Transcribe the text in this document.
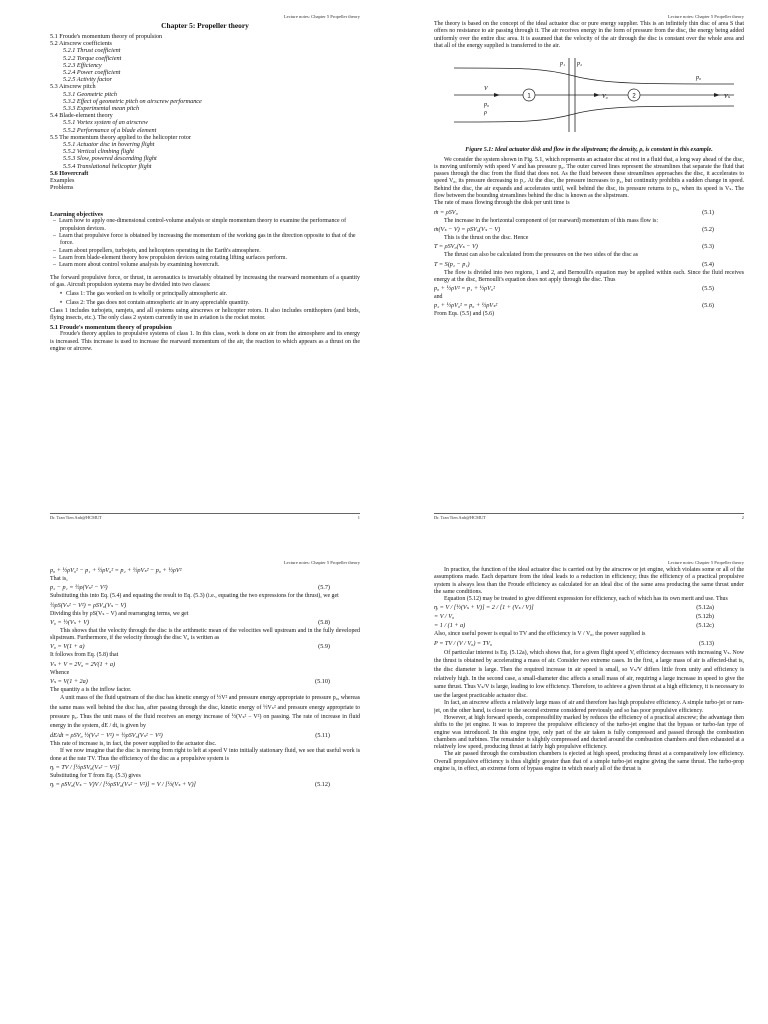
Lecture notes: Chapter 5 Propeller theory
Chapter 5: Propeller theory
5.1 Froude's momentum theory of propulsion
5.2 Airscrew coefficients
5.2.1 Thrust coefficient
5.2.2 Torque coefficient
5.2.3 Efficiency
5.2.4 Power coefficient
5.2.5 Activity factor
5.3 Airscrew pitch
5.3.1 Geometric pitch
5.3.2 Effect of geometric pitch on airscrew performance
5.3.3 Experimental mean pitch
5.4 Blade-element theory
5.5.1 Vortex system of an airscrew
5.5.2 Performance of a blade element
5.5 The momentum theory applied to the helicopter rotor
5.5.1 Actuator disc in hovering flight
5.5.2 Vertical climbing flight
5.5.3 Slow, powered descending flight
5.5.4 Translational helicopter flight
5.6 Hovercraft
Examples
Problems
Learning objectives
– Learn how to apply one-dimensional control-volume analysis or simple momentum theory to examine the performance of propulsion devices.
– Learn that propulsive force is obtained by increasing the momentum of the working gas in the direction opposite to that of the force.
– Learn about propellers, turbojets, and helicopters operating in the Earth's atmosphere.
– Learn from blade-element theory how propulsion devices using rotating lifting surfaces perform.
– Learn more about control volume analysis by examining hovercraft.

The forward propulsive force, or thrust, in aeronautics is invariably obtained by increasing the rearward momentum of a quantity of gas. Aircraft propulsion systems may be divided into two classes:

♦ Class 1: The gas worked on is wholly or principally atmospheric air.
♦ Class 2: The gas does not contain atmospheric air in any appreciable quantity.

Class 1 includes turbojets, ramjets, and all systems using airscrews or helicopter rotors. It also includes ornithopters (and birds, flying insects, etc.). The only class 2 system currently in use in aviation is the rocket motor.

5.1 Froude's momentum theory of propulsion

Froude's theory applies to propulsive systems of class 1. In this class, work is done on air from the atmosphere and its energy is increased. This increase is used to increase the rearward momentum of the air, the reaction to which appears as a thrust on the engine or aircrew.

Dr. Tran Tien Anh@HCMUT	1
Lecture notes: Chapter 5 Propeller theory

The theory is based on the concept of the ideal actuator disc or pure energy supplier. This is an infinitely thin disc of area S that offers no resistance to air passing through it. The air receives energy in the form of pressure from the disc, the energy being added uniformly over the entire disc area. It is assumed that the velocity of the air through the disc is constant over the whole area and that all of the energy supplied is transferred to the air.

1	2
V
p₀
ρ
p₁ p₂
V₀
p₀
Vₛ
Figure 5.1: Ideal actuator disk and flow in the slipstream; the density, ρ, is constant in this example.

We consider the system shown in Fig. 5.1, which represents an actuator disc at rest in a fluid that, a long way ahead of the disc, is moving uniformly with speed V and has pressure p₀. The outer curved lines represent the streamlines that separate the fluid that passes through the disc from the fluid that does not. As the fluid between these streamlines approaches the disc, it accelerates to speed V₀, its pressure decreasing to p₁. At the disc, the pressure increases to p₂, but continuity prohibits a sudden change in speed. Behind the disc, the air expands and accelerates until, well behind the disc, its pressure returns to p₀, when its speed is Vₛ. The flow between the bounding streamlines behind the disc is known as the slipstream.

The rate of mass flowing through the disk per unit time is

ṁ = ρSV₀	(5.1)

The increase in the horizontal component of (or rearward) momentum of this mass flow is:

ṁ(Vₛ − V) = ρSV₀(Vₛ − V)	(5.2)

This is the thrust on the disc. Hence

T = ρSV₀(Vₛ − V)	(5.3)

The thrust can also be calculated from the pressures on the two sides of the disc as

T = S(p₂ − p₁)	(5.4)

The flow is divided into two regions, 1 and 2, and Bernoulli's equation may be applied within each. Since the fluid receives energy at the disc, Bernoulli's equation does not apply through the disc. Thus

p₀ + ½ρV² = p₁ + ½ρV₀²	(5.5)

and

p₂ + ½ρV₀² = p₀ + ½ρVₛ²	(5.6)

From Eqs. (5.5) and (5.6)

Dr. Tran Tien Anh@HCMUT	2
Lecture notes: Chapter 5 Propeller theory
p₀ + ½ρV₀² − p₁ + ½ρV₀² = p₂ + ½ρVₛ² − p₀ + ½ρV²

That is,

p₂ − p₁ = ½ρ(Vₛ² − V²)	(5.7)

Substituting this into Eq. (5.4) and equating the result to Eq. (5.3) (i.e., equating the two expressions for the thrust), we get

½ρS(Vₛ² − V²) = ρSV₀(Vₛ − V)

Dividing this by ρS(Vₛ − V) and rearranging terms, we get

V₀ = ½(Vₛ + V)	(5.8)

This shows that the velocity through the disc is the arithmetic mean of the velocities well upstream and in the fully developed slipstream. Furthermore, if the velocity through the disc V₀ is written as

V₀ = V(1 + a)	(5.9)

It follows from Eq. (5.8) that

Vₛ + V = 2V₀ = 2V(1 + a)

Whence

Vₛ = V(1 + 2a)	(5.10)

The quantity a is the inflow factor.

A unit mass of the fluid upstream of the disc has kinetic energy of ½V² and pressure energy appropriate to pressure p₀, whereas the same mass well behind the disc has, after passing through the disc, kinetic energy of ½Vₛ² and pressure energy appropriate to pressure p₀. Thus the unit mass of the fluid receives an energy increase of ½(Vₛ² − V²) on passing. The rate of increase in fluid energy in the system, dE / dt, is given by

dE/dt = ρSV₀ ½(Vₛ² − V²) = ½ρSV₀(Vₛ² − V²)	(5.11)

This rate of increase is, in fact, the power supplied to the actuator disc.

If we now imagine that the disc is moving from right to left at speed V into initially stationary fluid, we see that useful work is done at the rate TV. Thus the efficiency of the disc as a propulsive system is

ηᵢ = TV / [½ρSV₀(Vₛ² − V²)]

Substituting for T from Eq. (5.3) gives

ηᵢ = ρSV₀(Vₛ − V)V / [½ρSV₀(Vₛ² − V²)] = V / [½(Vₛ + V)]	(5.12)
Lecture notes: Chapter 5 Propeller theory

In practice, the function of the ideal actuator disc is carried out by the airscrew or jet engine, which violates some or all of the assumptions made. Each departure from the ideal leads to a reduction in efficiency; thus the efficiency of a practical propulsive system is always less than the Froude efficiency as calculated for an ideal disc of the same area producing the same thrust under the same conditions.

Equation (5.12) may be treated to give different expression for efficiency, each of which has its own merit and use. Thus

ηᵢ = V / [½(Vₛ + V)] = 2 / [1 + (Vₛ / V)]	(5.12a)
= V / V₀	(5.12b)
= 1 / (1 + a)	(5.12c)

Also, since useful power is equal to TV and the efficiency is V / V₀, the power supplied is

P = TV / (V / V₀) = TV₀	(5.13)

Of particular interest is Eq. (5.12a), which shows that, for a given flight speed V, efficiency decreases with increasing Vₛ. Now the thrust is obtained by accelerating a mass of air. Consider two extreme cases. In the first, a large mass of air is affected-that is, the disc diameter is large. Then the required increase in air speed is small, so Vₛ/V differs little from unity and efficiency is relatively high. In the second case, a small-diameter disc affects a small mass of air, requiring a large increase in speed to give the same thrust. Thus Vₛ/V is large, leading to low efficiency. Therefore, to achieve a given thrust at a high efficiency, it is necessary to use the largest practicable actuator disc.

In fact, an airscrew affects a relatively large mass of air and therefore has high propulsive efficiency. A simple turbo-jet or ram-jet, on the other hand, is closer to the second extreme considered previously and so has poor propulsive efficiency.

However, at high forward speeds, compressibility marked by reduces the efficiency of a practical airscrew; the advantage then shifts to the jet engine. It was to improve the propulsive efficiency of the turbo-jet engine that the bypass or turbo-fan type of engine was introduced. In this engine type, only part of the air taken is fully compressed and passed through the combustion chambers and turbines. The remainder is slightly compressed and ducted around the combustion chambers and then exhausted at a relatively low speed, producing thrust at fairly high propulsive efficiency.

The air passed through the combustion chambers is ejected at high speed, producing thrust at a comparatively low efficiency. Overall propulsive efficiency is thus slightly greater than that of a simple turbo-jet engine giving the same thrust. The turbo-prop engine is, in effect, an extreme form of bypass engine in which nearly all of the thrust is
